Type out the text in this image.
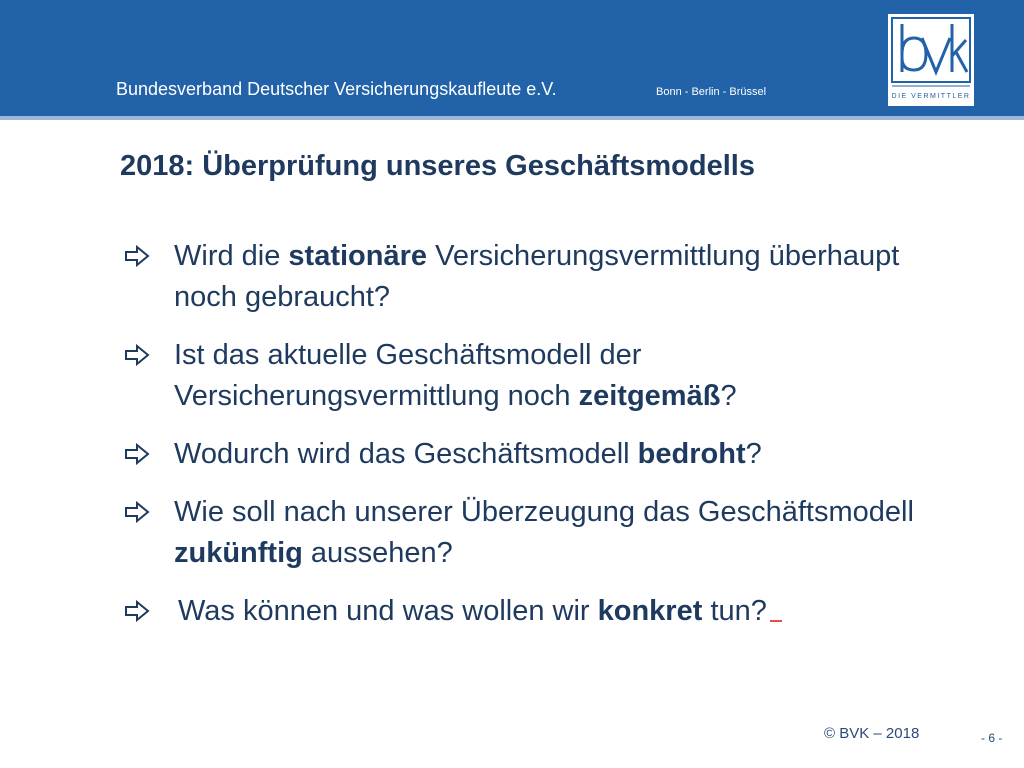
Bundesverband Deutscher Versicherungskaufleute e.V.	Bonn - Berlin - Brüssel	DIE VERMITTLER
2018: Überprüfung unseres Geschäftsmodells
Wird die stationäre Versicherungsvermittlung überhaupt noch gebraucht?
Ist das aktuelle Geschäftsmodell der Versicherungsvermittlung noch zeitgemäß?
Wodurch wird das Geschäftsmodell bedroht?
Wie soll nach unserer Überzeugung das Geschäftsmodell zukünftig aussehen?
Was können und was wollen wir konkret tun?
© BVK – 2018	- 6 -
